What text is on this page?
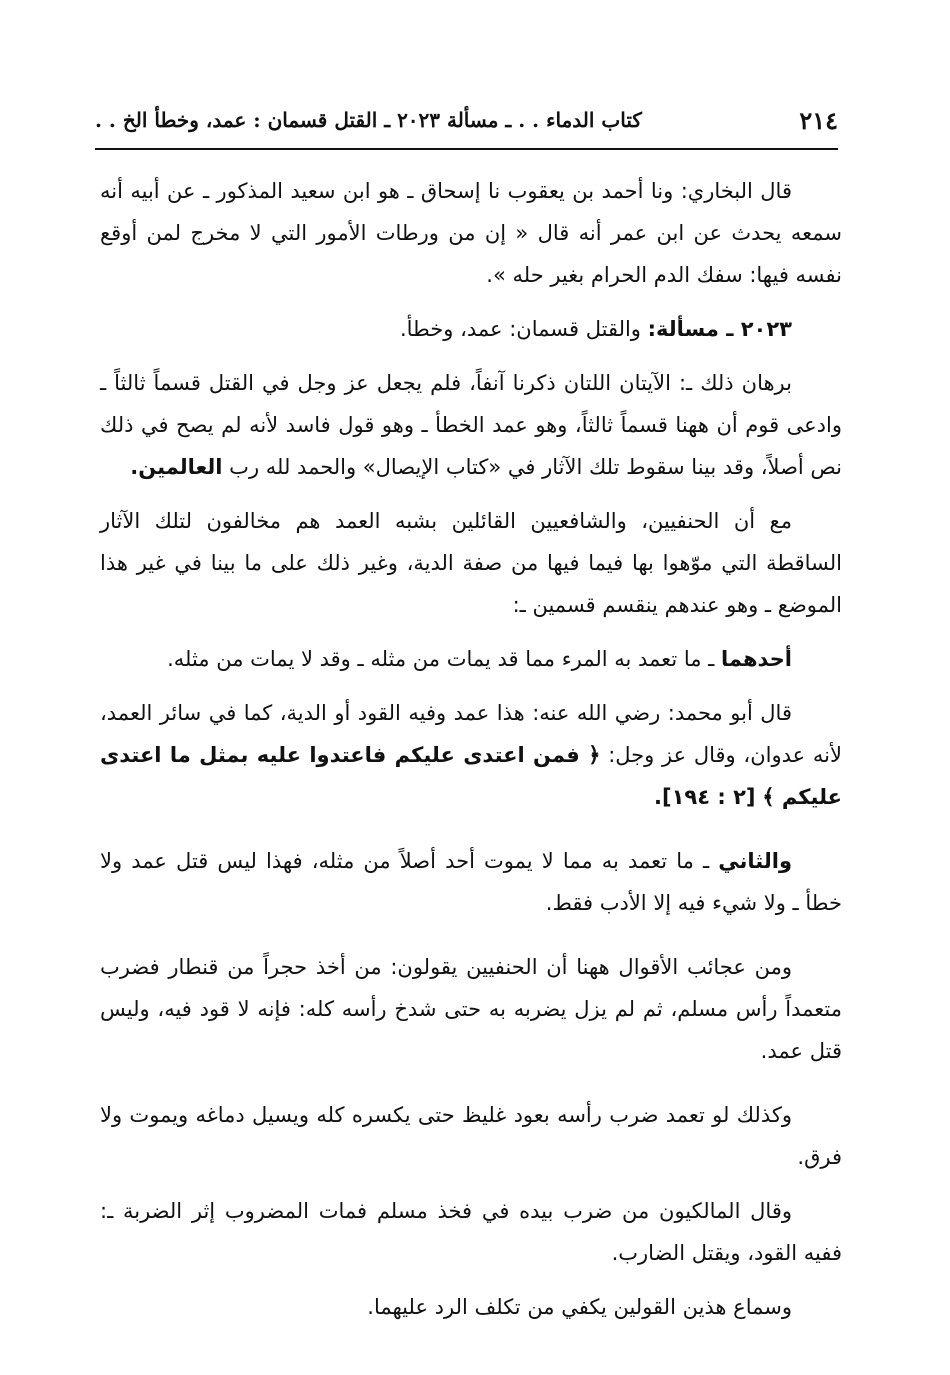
٢١٤
كتاب الدماء . . ـ مسألة ٢٠٢٣ ـ القتل قسمان : عمد، وخطأ الخ . .

قال البخاري: ونا أحمد بن يعقوب نا إسحاق ـ هو ابن سعيد المذكور ـ عن أبيه أنه سمعه يحدث عن ابن عمر أنه قال « إن من ورطات الأمور التي لا مخرج لمن أوقع نفسه فيها: سفك الدم الحرام بغير حله ».

٢٠٢٣ ـ مسألة: والقتل قسمان: عمد، وخطأ.

برهان ذلك ـ: الآيتان اللتان ذكرنا آنفاً، فلم يجعل عز وجل في القتل قسماً ثالثاً ـ وادعى قوم أن ههنا قسماً ثالثاً، وهو عمد الخطأ ـ وهو قول فاسد لأنه لم يصح في ذلك نص أصلاً، وقد بينا سقوط تلك الآثار في «كتاب الإيصال» والحمد لله رب العالمين.

مع أن الحنفيين، والشافعيين القائلين بشبه العمد هم مخالفون لتلك الآثار الساقطة التي موّهوا بها فيما فيها من صفة الدية، وغير ذلك على ما بينا في غير هذا الموضع ـ وهو عندهم ينقسم قسمين ـ:

أحدهما ـ ما تعمد به المرء مما قد يمات من مثله ـ وقد لا يمات من مثله.

قال أبو محمد: رضي الله عنه: هذا عمد وفيه القود أو الدية، كما في سائر العمد، لأنه عدوان، وقال عز وجل: ﴿ فمن اعتدى عليكم فاعتدوا عليه بمثل ما اعتدى عليكم ﴾ [٢ : ١٩٤].

والثاني ـ ما تعمد به مما لا يموت أحد أصلاً من مثله، فهذا ليس قتل عمد ولا خطأ ـ ولا شيء فيه إلا الأدب فقط.

ومن عجائب الأقوال ههنا أن الحنفيين يقولون: من أخذ حجراً من قنطار فضرب متعمداً رأس مسلم، ثم لم يزل يضربه به حتى شدخ رأسه كله: فإنه لا قود فيه، وليس قتل عمد.

وكذلك لو تعمد ضرب رأسه بعود غليظ حتى يكسره كله ويسيل دماغه ويموت ولا فرق.

وقال المالكيون من ضرب بيده في فخذ مسلم فمات المضروب إثر الضربة ـ: ففيه القود، ويقتل الضارب.

وسماع هذين القولين يكفي من تكلف الرد عليهما.
